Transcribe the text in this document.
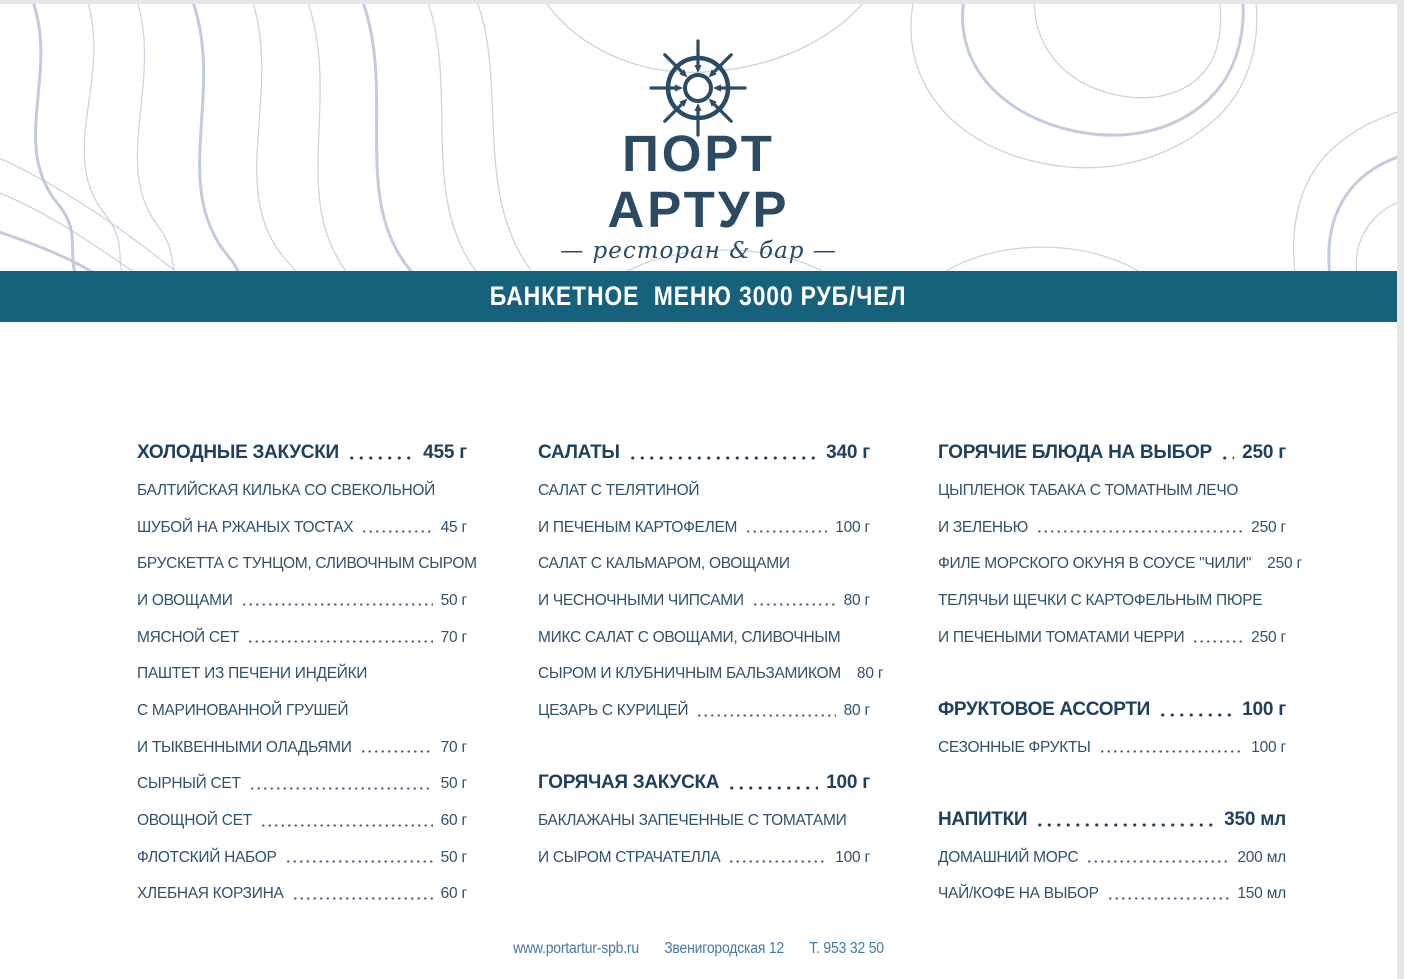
ПОРТ
АРТУР
— ресторан & бар —
БАНКЕТНОЕ  МЕНЮ 3000 РУБ/ЧЕЛ
ХОЛОДНЫЕ ЗАКУСКИ	455 г
БАЛТИЙСКАЯ КИЛЬКА СО СВЕКОЛЬНОЙ
ШУБОЙ НА РЖАНЫХ ТОСТАХ	45 г
БРУСКЕТТА С ТУНЦОМ, СЛИВОЧНЫМ СЫРОМ
И ОВОЩАМИ	50 г
МЯСНОЙ СЕТ	70 г
ПАШТЕТ ИЗ ПЕЧЕНИ ИНДЕЙКИ
С МАРИНОВАННОЙ ГРУШЕЙ
И ТЫКВЕННЫМИ ОЛАДЬЯМИ	70 г
СЫРНЫЙ СЕТ	50 г
ОВОЩНОЙ СЕТ	60 г
ФЛОТСКИЙ НАБОР	50 г
ХЛЕБНАЯ КОРЗИНА	60 г
САЛАТЫ	340 г
САЛАТ С ТЕЛЯТИНОЙ
И ПЕЧЕНЫМ КАРТОФЕЛЕМ	100 г
САЛАТ С КАЛЬМАРОМ, ОВОЩАМИ
И ЧЕСНОЧНЫМИ ЧИПСАМИ	80 г
МИКС САЛАТ С ОВОЩАМИ, СЛИВОЧНЫМ
СЫРОМ И КЛУБНИЧНЫМ БАЛЬЗАМИКОМ 80 г
ЦЕЗАРЬ С КУРИЦЕЙ	80 г
ГОРЯЧАЯ ЗАКУСКА	100 г
БАКЛАЖАНЫ ЗАПЕЧЕННЫЕ С ТОМАТАМИ
И СЫРОМ СТРАЧАТЕЛЛА	100 г
ГОРЯЧИЕ БЛЮДА НА ВЫБОР 250 г
ЦЫПЛЕНОК ТАБАКА С ТОМАТНЫМ ЛЕЧО
И ЗЕЛЕНЬЮ	250 г
ФИЛЕ МОРСКОГО ОКУНЯ В СОУСЕ "ЧИЛИ" 250 г
ТЕЛЯЧЬИ ЩЕЧКИ С КАРТОФЕЛЬНЫМ ПЮРЕ
И ПЕЧЕНЫМИ ТОМАТАМИ ЧЕРРИ	250 г
ФРУКТОВОЕ АССОРТИ	100 г
СЕЗОННЫЕ ФРУКТЫ	100 г
НАПИТКИ	350 мл
ДОМАШНИЙ МОРС	200 мл
ЧАЙ/КОФЕ НА ВЫБОР	150 мл
www.portartur-spb.ru Звенигородская 12 Т. 953 32 50
